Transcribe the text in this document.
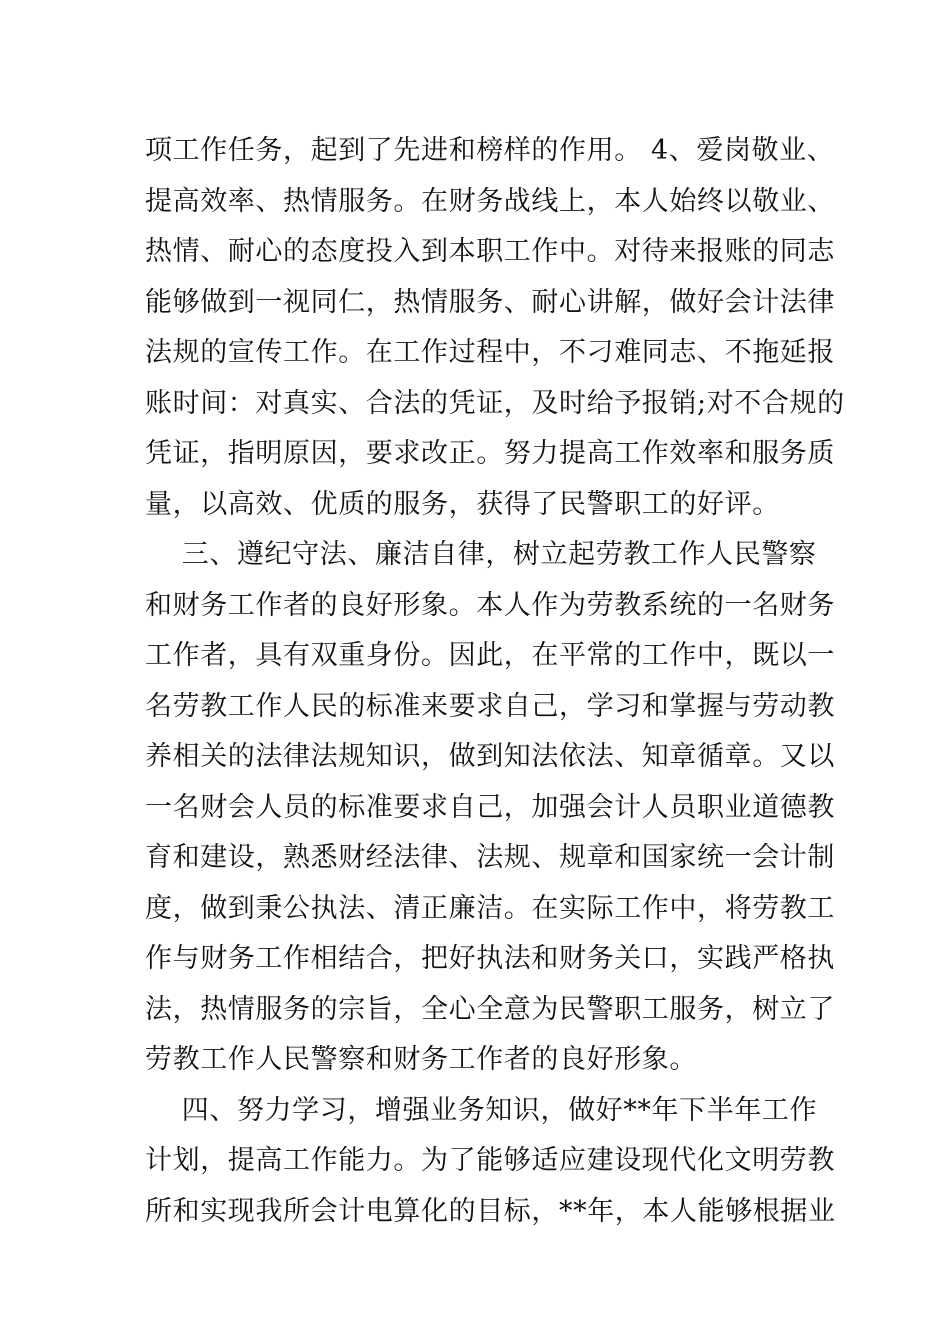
项工作任务，起到了先进和榜样的作用。 4、爱岗敬业、
提高效率、热情服务。在财务战线上，本人始终以敬业、
热情、耐心的态度投入到本职工作中。对待来报账的同志
能够做到一视同仁，热情服务、耐心讲解，做好会计法律
法规的宣传工作。在工作过程中，不刁难同志、不拖延报
账时间：对真实、合法的凭证，及时给予报销;对不合规的
凭证，指明原因，要求改正。努力提高工作效率和服务质
量，以高效、优质的服务，获得了民警职工的好评。
三、遵纪守法、廉洁自律，树立起劳教工作人民警察
和财务工作者的良好形象。本人作为劳教系统的一名财务
工作者，具有双重身份。因此，在平常的工作中，既以一
名劳教工作人民的标准来要求自己，学习和掌握与劳动教
养相关的法律法规知识，做到知法依法、知章循章。又以
一名财会人员的标准要求自己，加强会计人员职业道德教
育和建设，熟悉财经法律、法规、规章和国家统一会计制
度，做到秉公执法、清正廉洁。在实际工作中，将劳教工
作与财务工作相结合，把好执法和财务关口，实践严格执
法，热情服务的宗旨，全心全意为民警职工服务，树立了
劳教工作人民警察和财务工作者的良好形象。
四、努力学习，增强业务知识，做好**年下半年工作
计划，提高工作能力。为了能够适应建设现代化文明劳教
所和实现我所会计电算化的目标，**年，本人能够根据业
